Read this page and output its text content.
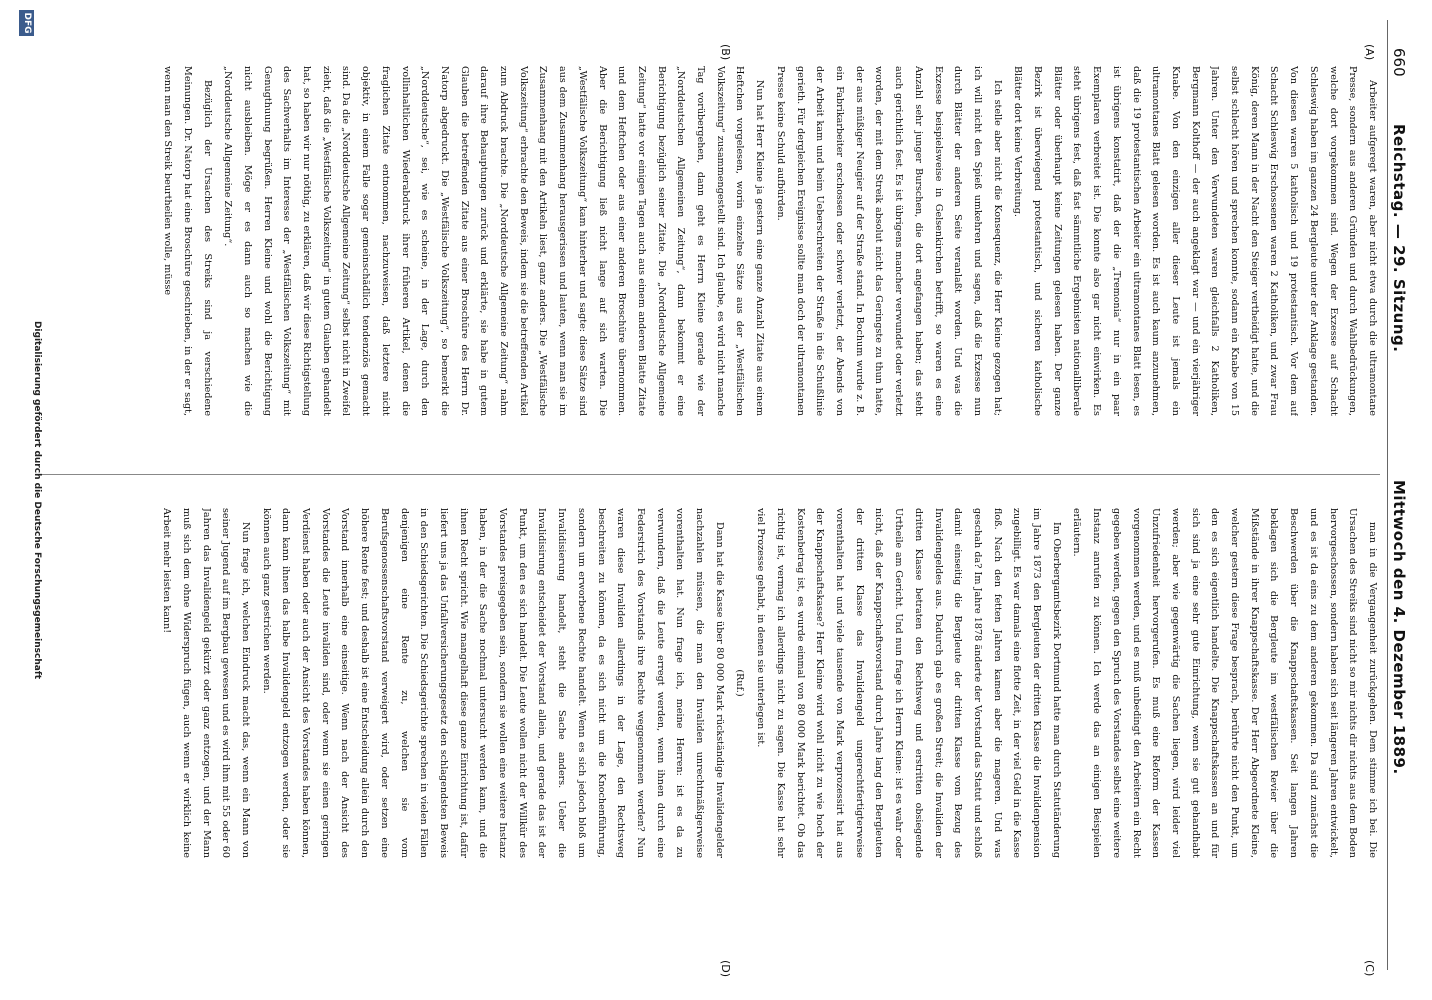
660
Reichstag. — 29. Sitzung.
Mittwoch den 4. Dezember 1889.
(A)
(B)
(C)
(D)

Arbeiter aufgeregt waren, aber nicht etwa durch die ultramontane Presse, sondern aus anderen Gründen und durch Wahlbedrückungen, welche dort vorgekommen sind. Wegen der Exzesse auf Schacht Schleswig haben im ganzen 24 Bergleute unter der Anklage gestanden. Von diesen waren 5 katholisch und 19 protestantisch. Vor dem auf Schacht Schleswig Erschossenen waren 2 Katholiken, und zwar Frau König, deren Mann in der Nacht den Steiger vertheidigt hatte, und die selbst schlecht hören und sprechen konnte, sodann ein Knabe von 15 Jahren. Unter den Verwundeten waren gleichfalls 2 Katholiken, Bergmann Kolthoff — der auch angeklagt war — und ein vierjähriger Knabe. Von den einzigen aller dieser Leute ist jemals ein ultramontanes Blatt gelesen worden. Es ist auch kaum anzunehmen, daß die 19 protestantischen Arbeiter ein ultramontanes Blatt lesen, es ist übrigens konstatirt, daß der die „Tremonia“ nur in ein paar Exemplaren verbreitet ist. Die konnte also gar nicht einwirken. Es steht übrigens fest, daß fast sämmtliche Ergebnisten nationalliberale Blätter oder überhaupt keine Zeitungen gelesen haben. Der ganze Bezirk ist überwiegend protestantisch, und sicheren katholische Blätter dort keine Verbreitung.

Ich stelle aber nicht die Konsequenz, die Herr Kleine gezogen hat; ich will nicht den Spieß umkehren und sagen, daß die Exzesse nun durch Blätter der anderen Seite veranlaßt worden. Und was die Exzesse beispielsweise in Gelsenkirchen betrifft, so waren es eine Anzahl sehr junger Burschen, die dort angefangen haben; das steht auch gerichtlich fest. Es ist übrigens mancher verwundet oder verletzt worden, der mit dem Streik absolut nicht das Geringste zu thun hatte, der aus müßiger Neugier auf der Straße stand. In Bochum wurde z. B. ein Fabrikarbeiter erschossen oder schwer verletzt, der Abends von der Arbeit kam und beim Ueberschreiten der Straße in die Schußlinie gerieth. Für dergleichen Ereignisse sollte man doch der ultramontanen Presse keine Schuld aufbürden.

Nun hat Herr Kleine ja gestern eine ganze Anzahl Zitate aus einem Heftchen vorgelesen, worin einzelne Sätze aus der „Westfälischen Volkszeitung“ zusammengestellt sind. Ich glaube, es wird nicht manche Tag vorübergehen, dann geht es Herrn Kleine gerade wie der „Norddeutschen Allgemeinen Zeitung“, dann bekommt er eine Berichtigung bezüglich seiner Zitate. Die „Norddeutsche Allgemeine Zeitung“ hatte vor einigen Tagen auch aus einem anderen Blatte Zitate und dem Heftchen oder aus einer anderen Broschüre übernommen. Aber die Berichtigung ließ nicht lange auf sich warten. Die „Westfälische Volkszeitung“ kam hinterher und sagte: diese Sätze sind aus dem Zusammenhang herausgerissen und lauten, wenn man sie im Zusammenhang mit den Artikeln liest, ganz anders. Die „Westfälische Volkszeitung“ erbrachte den Beweis, indem sie die betreffenden Artikel zum Abdruck brachte. Die „Norddeutsche Allgemeine Zeitung“ nahm darauf ihre Behauptungen zurück und erklärte, sie habe in gutem Glauben die betreffenden Zitate aus einer Broschüre des Herrn Dr. Natorp abgedruckt. Die „Westfälische Volkszeitung“, so bemerkt die „Norddeutsche“, sei, wie es scheine, in der Lage, durch den vollinhaltlichen Wiederabdruck ihrer früheren Artikel, denen die fraglichen Zitate entnommen, nachzuweisen, daß letztere nicht objektiv, in einem Falle sogar gemeinschädlich tendenziös gemacht sind. Da die „Norddeutsche Allgemeine Zeitung“ selbst nicht in Zweifel zieht, daß die „Westfälische Volkszeitung“ in gutem Glauben gehandelt hat, so haben wir nur nöthig, zu erklären, daß wir diese Richtigstellung des Sachverhalts im Interesse der „Westfälischen Volkszeitung“ mit Genugthuung begrüßen. Herren Kleine und wohl die Berichtigung nicht ausbleiben. Möge er es dann auch so machen wie die „Norddeutsche Allgemeine Zeitung“.

Bezüglich der Ursachen des Streiks sind ja verschiedene Meinungen. Dr. Natorp hat eine Broschüre geschrieben, in der er sagt, wenn man den Streik beurtheilen wolle, müsse

man in die Vergangenheit zurückgehen. Dem stimme ich bei. Die Ursachen des Streiks sind nicht so mir nichts dir nichts aus dem Boden hervorgeschossen, sondern haben sich seit längeren Jahren entwickelt, und es ist da eins zu dem anderen gekommen. Da sind zunächst die Beschwerden über die Knappschaftskassen. Seit langen Jahren beklagen sich die Bergleute im westfälischen Revier über die Mißstände in ihrer Knappschaftskasse. Der Herr Abgeordnete Kleine, welcher gestern diese Frage besprach, berührte nicht den Punkt, um den es sich eigentlich handelte. Die Knappschaftskassen an und für sich sind ja eine sehr gute Einrichtung, wenn sie gut gehandhabt werden; aber wie gegenwärtig die Sachen liegen, wird leider viel Unzufriedenheit hervorgerufen. Es muß eine Reform der Kassen vorgenommen werden, und es muß unbedingt den Arbeitern ein Recht gegeben werden, gegen den Spruch des Vorstandes selbst eine weitere Instanz anrufen zu können. Ich werde das an einigen Beispielen erläutern.

Im Oberbergamtsbezirk Dortmund hatte man durch Statutänderung im Jahre 1873 den Bergleuten der dritten Klasse die Invalidenpension zugebilligt. Es war damals eine flotte Zeit, in der viel Geld in die Kasse floß. Nach den fetten Jahren kamen aber die mageren. Und was geschah da? Im Jahre 1878 änderte der Vorstand das Statut und schloß damit einseitig die Bergleute der dritten Klasse vom Bezug des Invalidengeldes aus. Dadurch gab es großen Streit; die Invaliden der dritten Klasse betraten den Rechtsweg und erstritten obsiegende Urtheile am Gericht. Und nun frage ich Herrn Kleine: ist es wahr oder nicht, daß der Knappschaftsvorstand durch Jahre lang den Bergleuten der dritten Klasse das Invalidengeld ungerechtfertigterweise vorenthalten hat und viele tausende von Mark verprozessirt hat aus der Knappschaftskasse? Herr Kleine wird wohl nicht zu wie hoch der Kostenbetrag ist, es wurde einmal von 80 000 Mark berichtet. Ob das richtig ist, vermag ich allerdings nicht zu sagen. Die Kasse hat sehr viel Prozesse gehabt, in denen sie unterlegen ist.

(Ruf.)

Dann hat die Kasse über 80 000 Mark rückständige Invalidengelder nachzahlen müssen, die man den Invaliden unrechtmäßigerweise vorenthalten hat. Nun frage ich, meine Herren: ist es da zu verwundern, daß die Leute erregt werden, wenn ihnen durch eine Federstrich des Vorstands ihre Rechte weggenommen werden? Nun waren diese Invaliden allerdings in der Lage, den Rechtsweg beschreiten zu können, da es sich nicht um die Knochenführung, sondern um erworbene Rechte handelt. Wenn es sich jedoch bloß um Invalidisierung handelt, steht die Sache anders. Ueber die Invalidisirung entscheidet der Vorstand allein, und gerade das ist der Punkt, um den es sich handelt. Die Leute wollen nicht der Willkür des Vorstandes preisgegeben sein, sondern sie wollen eine weitere Instanz haben, in der die Sache nochmal untersucht werden kann, und die ihnen Recht spricht. Wie mangelhaft diese ganze Einrichtung ist, dafür liefert uns ja das Unfallversicherungsgesetz den schlagendsten Beweis in den Schiedsgerichten. Die Schiedsgerichte sprechen in vielen Fällen denjenigen eine Rente zu, welchen sie vom Berufsgenossenschaftsvorstand verweigert wird, oder setzen eine höhere Rente fest; und deshalb ist eine Entscheidung allein durch den Vorstand innerhalb eine einseitige. Wenn nach der Ansicht des Vorstandes die Leute invaliden sind, oder wenn sie einen geringen Verdienst haben oder auch der Ansicht des Vorstandes haben können, dann kann ihnen das halbe Invalidengeld entzogen werden, oder sie können auch ganz gestrichen werden.

Nun frage ich, welchen Eindruck macht das, wenn ein Mann von seiner Jugend auf im Bergbau gewesen und es wird ihm mit 55 oder 60 Jahren das Invalidengeld gekürzt oder ganz entzogen, und der Mann muß sich dem ohne Widerspruch fügen, auch wenn er wirklich keine Arbeit mehr leisten kann!

DFG
Digitalisierung gefördert durch die Deutsche Forschungsgemeinschaft
